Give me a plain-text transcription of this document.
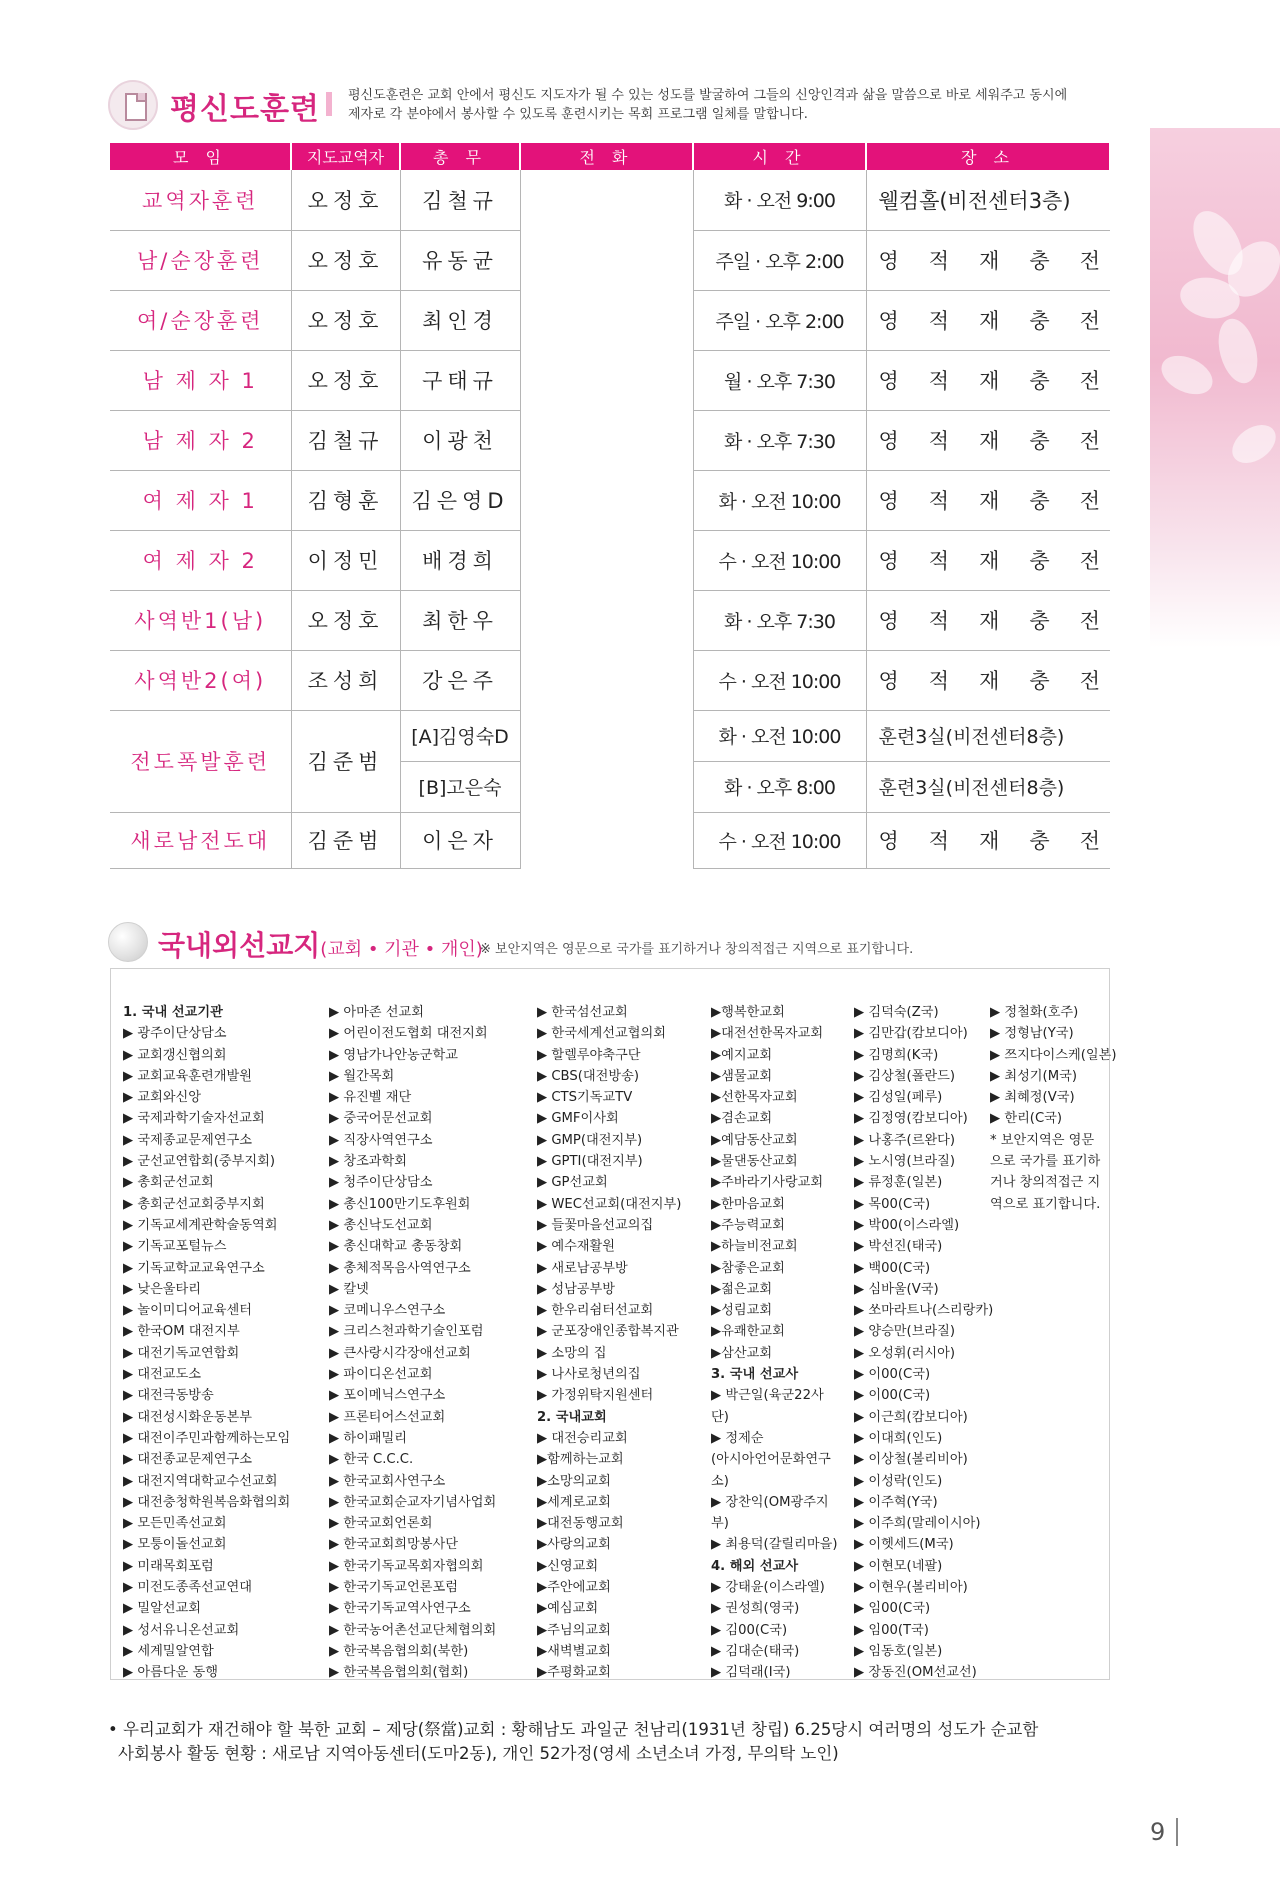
평신도훈련 평신도훈련은 교회 안에서 평신도 지도자가 될 수 있는 성도를 발굴하여 그들의 신앙인격과 삶을 말씀으로 바로 세워주고 동시에 제자로 각 분야에서 봉사할 수 있도록 훈련시키는 목회 프로그램 일체를 말합니다.
모 임	지도교역자	총 무	전 화	시 간	장 소
교역자훈련	오정호	김철규		화 · 오전 9:00	웰컴홀(비전센터3층)
남/순장훈련	오정호	유동균		주일 · 오후 2:00	영 적 재 충 전

여/순장훈련	오정호	최인경		주일 · 오후 2:00	영 적 재 충 전

남 제 자 1	오정호	구태규		월 · 오후 7:30	영 적 재 충 전

남 제 자 2	김철규	이광천		화 · 오후 7:30	영 적 재 충 전

여 제 자 1	김형훈	김은영D		화 · 오전 10:00	영 적 재 충 전

여 제 자 2	이정민	배경희		수 · 오전 10:00	영 적 재 충 전

사역반1(남)	오정호	최한우		화 · 오후 7:30	영 적 재 충 전

사역반2(여)	조성희	강은주		수 · 오전 10:00	영 적 재 충 전

전도폭발훈련	김준범	[A]김영숙D		화 · 오전 10:00	훈련3실(비전센터8층)
		[B]고은숙		화 · 오후 8:00	훈련3실(비전센터8층)
새로남전도대	김준범	이은자		수 · 오전 10:00	영 적 재 충 전
국내외선교지(교회 • 기관 • 개인)
※ 보안지역은 영문으로 국가를 표기하거나 창의적접근 지역으로 표기합니다.
1. 국내 선교기관
▶ 광주이단상담소
▶ 교회갱신협의회
▶ 교회교육훈련개발원
▶ 교회와신앙
▶ 국제과학기술자선교회
▶ 국제종교문제연구소
▶ 군선교연합회(중부지회)
▶ 총회군선교회
▶ 총회군선교회중부지회
▶ 기독교세계관학술동역회
▶ 기독교포털뉴스
▶ 기독교학교교육연구소
▶ 낮은울타리
▶ 놀이미디어교육센터
▶ 한국OM 대전지부
▶ 대전기독교연합회
▶ 대전교도소
▶ 대전극동방송
▶ 대전성시화운동본부
▶ 대전이주민과함께하는모임
▶ 대전종교문제연구소
▶ 대전지역대학교수선교회
▶ 대전충청학원복음화협의회
▶ 모든민족선교회
▶ 모퉁이돌선교회
▶ 미래목회포럼
▶ 미전도종족선교연대
▶ 밀알선교회
▶ 성서유니온선교회
▶ 세계밀알연합
▶ 아름다운 동행
▶ 아마존 선교회
▶ 어린이전도협회 대전지회
▶ 영남가나안농군학교
▶ 월간목회
▶ 유진벨 재단
▶ 중국어문선교회
▶ 직장사역연구소
▶ 창조과학회
▶ 청주이단상담소
▶ 총신100만기도후원회
▶ 총신낙도선교회
▶ 총신대학교 총동창회
▶ 총체적목음사역연구소
▶ 칼넷
▶ 코메니우스연구소
▶ 크리스천과학기술인포럼
▶ 큰사랑시각장애선교회
▶ 파이디온선교회
▶ 포이메닉스연구소
▶ 프론티어스선교회
▶ 하이패밀리
▶ 한국 C.C.C.
▶ 한국교회사연구소
▶ 한국교회순교자기념사업회
▶ 한국교회언론회
▶ 한국교회희망봉사단
▶ 한국기독교목회자협의회
▶ 한국기독교언론포럼
▶ 한국기독교역사연구소
▶ 한국농어촌선교단체협의회
▶ 한국복음협의회(북한)
▶ 한국복음협의회(협회)
▶ 한국섬선교회
▶ 한국세계선교협의회
▶ 할렐루야축구단
▶ CBS(대전방송)
▶ CTS기독교TV
▶ GMF이사회
▶ GMP(대전지부)
▶ GPTI(대전지부)
▶ GP선교회
▶ WEC선교회(대전지부)
▶ 들꽃마을선교의집
▶ 예수재활원
▶ 새로남공부방
▶ 성남공부방
▶ 한우리쉼터선교회
▶ 군포장애인종합복지관
▶ 소망의 집
▶ 나사로청년의집
▶ 가정위탁지원센터
2. 국내교회
▶ 대전승리교회
▶함께하는교회
▶소망의교회
▶세계로교회
▶대전동행교회
▶사랑의교회
▶신영교회
▶주안에교회
▶예심교회
▶주님의교회
▶새벽별교회
▶주평화교회
▶행복한교회
▶대전선한목자교회
▶예지교회
▶샘물교회
▶선한목자교회
▶겸손교회
▶예담동산교회
▶물댄동산교회
▶주바라기사랑교회
▶한마음교회
▶주능력교회
▶하늘비전교회
▶참좋은교회
▶젊은교회
▶성림교회
▶유쾌한교회
▶삼산교회
3. 국내 선교사
▶ 박근일(육군22사
단)
▶ 정제순
(아시아언어문화연구
소)
▶ 장찬익(OM광주지
부)
▶ 최용덕(갈릴리마을)
4. 해외 선교사
▶ 강태윤(이스라엘)
▶ 권성희(영국)
▶ 김00(C국)
▶ 김대순(태국)
▶ 김덕래(I국)
▶ 김덕숙(Z국)
▶ 김만갑(캄보디아)
▶ 김명희(K국)
▶ 김상철(폴란드)
▶ 김성일(페루)
▶ 김정영(캄보디아)
▶ 나홍주(르완다)
▶ 노시영(브라질)
▶ 류정훈(일본)
▶ 목00(C국)
▶ 박00(이스라엘)
▶ 박선진(태국)
▶ 백00(C국)
▶ 심바울(V국)
▶ 쏘마라트나(스리랑카)
▶ 양승만(브라질)
▶ 오성휘(러시아)
▶ 이00(C국)
▶ 이00(C국)
▶ 이근희(캄보디아)
▶ 이대희(인도)
▶ 이상철(볼리비아)
▶ 이성락(인도)
▶ 이주혁(Y국)
▶ 이주희(말레이시아)
▶ 이헷세드(M국)
▶ 이현모(네팔)
▶ 이현우(볼리비아)
▶ 임00(C국)
▶ 임00(T국)
▶ 임동호(일본)
▶ 장동진(OM선교선)
▶ 정철화(호주)
▶ 정형남(Y국)
▶ 쯔지다이스케(일본)
▶ 최성기(M국)
▶ 최혜정(V국)
▶ 한리(C국)
* 보안지역은 영문으로 국가를 표기하거나 창의적접근 지역으로 표기합니다.
• 우리교회가 재건해야 할 북한 교회 – 제당(祭當)교회 : 황해남도 과일군 천남리(1931년 창립) 6.25당시 여러명의 성도가 순교함
사회봉사 활동 현황 : 새로남 지역아동센터(도마2동), 개인 52가정(영세 소년소녀 가정, 무의탁 노인)
9
